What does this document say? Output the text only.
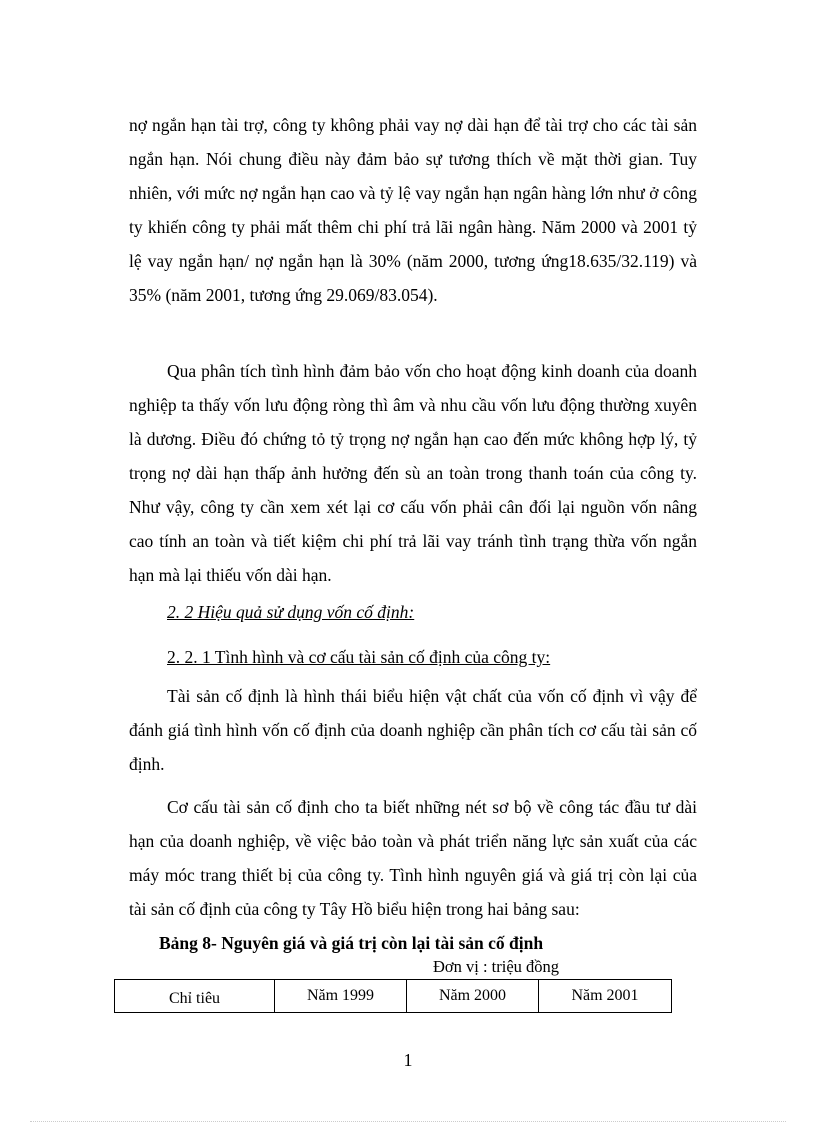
nợ ngắn hạn tài trợ, công ty không phải vay nợ dài hạn để tài trợ cho các tài sản ngắn hạn. Nói chung điều này đảm bảo sự tương thích về mặt thời gian. Tuy nhiên, với mức nợ ngắn hạn cao và tỷ lệ vay ngắn hạn ngân hàng lớn như ở công ty khiến công ty phải mất thêm chi phí trả lãi ngân hàng. Năm 2000 và 2001 tỷ lệ vay ngắn hạn/ nợ ngắn hạn là 30% (năm 2000, tương ứng18.635/32.119) và 35% (năm 2001, tương ứng 29.069/83.054).

Qua phân tích tình hình đảm bảo vốn cho hoạt động kinh doanh của doanh nghiệp ta thấy vốn lưu động ròng thì âm và nhu cầu vốn lưu động thường xuyên là dương. Điều đó chứng tỏ tỷ trọng nợ ngắn hạn cao đến mức không hợp lý, tỷ trọng nợ dài hạn thấp ảnh hưởng đến sù an toàn trong thanh toán của công ty. Như vậy, công ty cần xem xét lại cơ cấu vốn phải cân đối lại nguồn vốn nâng cao tính an toàn và tiết kiệm chi phí trả lãi vay tránh tình trạng thừa vốn ngắn hạn mà lại thiếu vốn dài hạn.

2. 2 Hiệu quả sử dụng vốn cố định:

2. 2. 1 Tình hình và cơ cấu tài sản cố định của công ty:

Tài sản cố định là hình thái biểu hiện vật chất của vốn cố định vì vậy để đánh giá tình hình vốn cố định của doanh nghiệp cần phân tích cơ cấu tài sản cố định.

Cơ cấu tài sản cố định cho ta biết những nét sơ bộ về công tác đầu tư dài hạn của doanh nghiệp, về việc bảo toàn và phát triển năng lực sản xuất của các máy móc trang thiết bị của công ty. Tình hình nguyên giá và giá trị còn lại của tài sản cố định của công ty Tây Hồ biểu hiện trong hai bảng sau:

Bảng 8- Nguyên giá và giá trị còn lại tài sản cố định

Đơn vị : triệu đồng

Chỉ tiêu	Năm 1999	Năm 2000	Năm 2001

1
